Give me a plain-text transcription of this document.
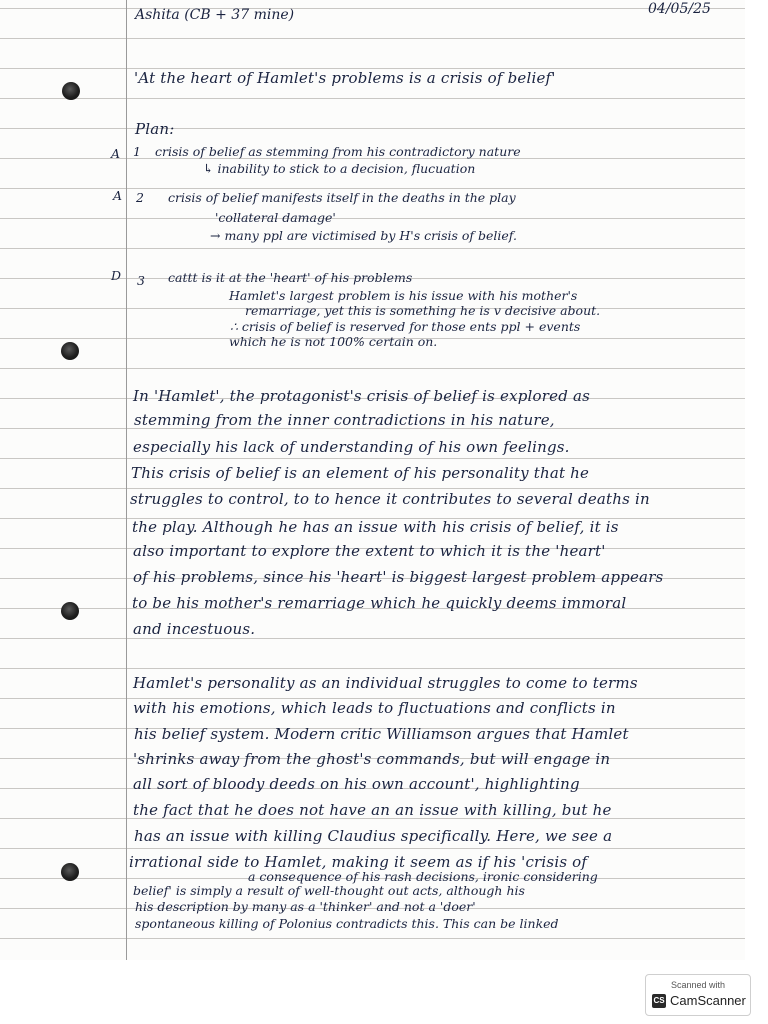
Ashita (CB + 37 mine)	04/05/25
'At the heart of Hamlet's problems is a crisis of belief'
Plan:
A 1 crisis of belief as stemming from his contradictory nature
↳ inability to stick to a decision, flucuation
A 2 crisis of belief manifests itself in the deaths in the play
'collateral damage'
→ many ppl are victimised by H's crisis of belief.
D 3 cattt is it at the 'heart' of his problems
Hamlet's largest problem is his issue with his mother's
remarriage, yet this is something he is v decisive about.
∴ crisis of belief is reserved for those ents ppl + events
which he is not 100% certain on.
In 'Hamlet', the protagonist's crisis of belief is explored as
stemming from the inner contradictions in his nature,
especially his lack of understanding of his own feelings.
This crisis of belief is an element of his personality that he
struggles to control, to to hence it contributes to several deaths in
the play. Although he has an issue with his crisis of belief, it is
also important to explore the extent to which it is the 'heart'
of his problems, since his 'heart' is biggest largest problem appears
to be his mother's remarriage which he quickly deems immoral
and incestuous.
Hamlet's personality as an individual struggles to come to terms
with his emotions, which leads to fluctuations and conflicts in
his belief system. Modern critic Williamson argues that Hamlet
'shrinks away from the ghost's commands, but will engage in
all sort of bloody deeds on his own account', highlighting
the fact that he does not have an an issue with killing, but he
has an issue with killing Claudius specifically. Here, we see a
irrational side to Hamlet, making it seem as if his 'crisis of
a consequence of his rash decisions, ironic considering
belief' is simply a result of well-thought out acts, although his
his description by many as a 'thinker' and not a 'doer'
spontaneous killing of Polonius contradicts this. This can be linked
Scanned with
CS CamScanner
